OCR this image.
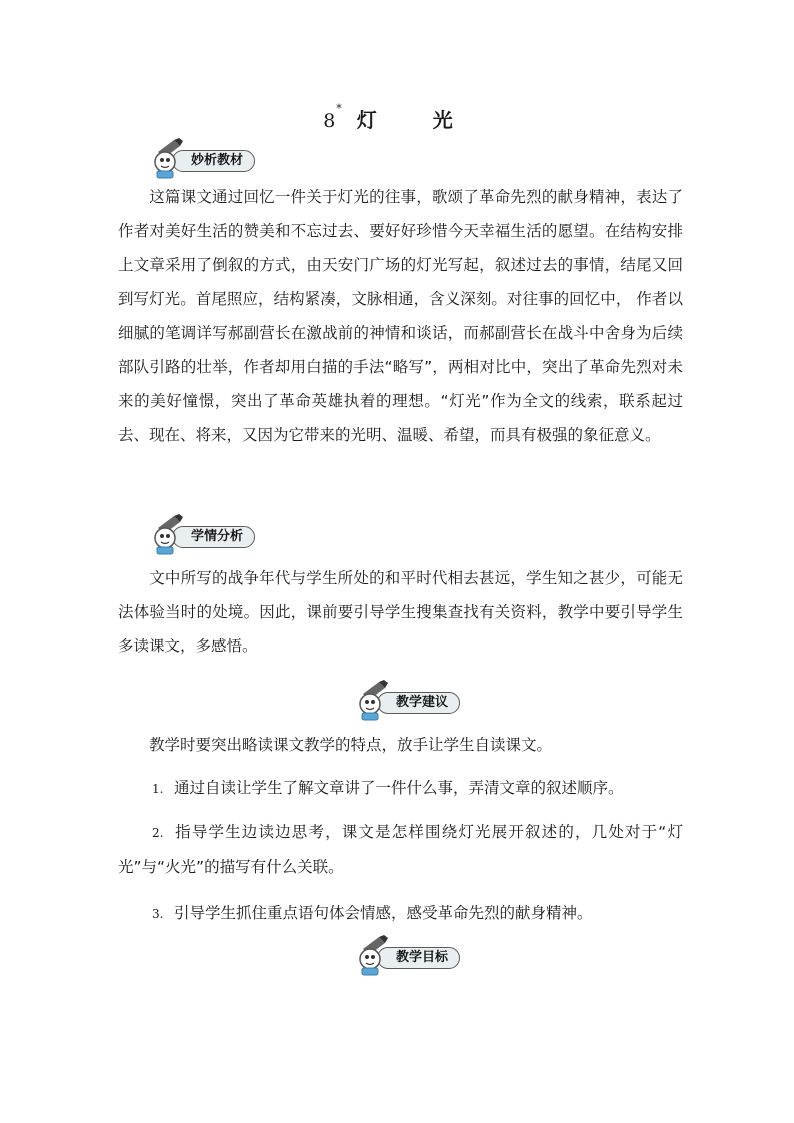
8* 灯　光
妙析教材

这篇课文通过回忆一件关于灯光的往事，歌颂了革命先烈的献身精神，表达了作者对美好生活的赞美和不忘过去、要好好珍惜今天幸福生活的愿望。在结构安排上文章采用了倒叙的方式，由天安门广场的灯光写起，叙述过去的事情，结尾又回到写灯光。首尾照应，结构紧凑，文脉相通，含义深刻。对往事的回忆中， 作者以细腻的笔调详写郝副营长在激战前的神情和谈话，而郝副营长在战斗中舍身为后续部队引路的壮举，作者却用白描的手法“略写”，两相对比中，突出了革命先烈对未来的美好憧憬，突出了革命英雄执着的理想。“灯光”作为全文的线索，联系起过去、现在、将来，又因为它带来的光明、温暖、希望，而具有极强的象征意义。

学情分析

文中所写的战争年代与学生所处的和平时代相去甚远，学生知之甚少，可能无法体验当时的处境。因此，课前要引导学生搜集查找有关资料，教学中要引导学生多读课文，多感悟。

教学建议

教学时要突出略读课文教学的特点，放手让学生自读课文。

1. 通过自读让学生了解文章讲了一件什么事，弄清文章的叙述顺序。

2. 指导学生边读边思考，课文是怎样围绕灯光展开叙述的，几处对于“灯光”与“火光”的描写有什么关联。

3. 引导学生抓住重点语句体会情感，感受革命先烈的献身精神。

教学目标
